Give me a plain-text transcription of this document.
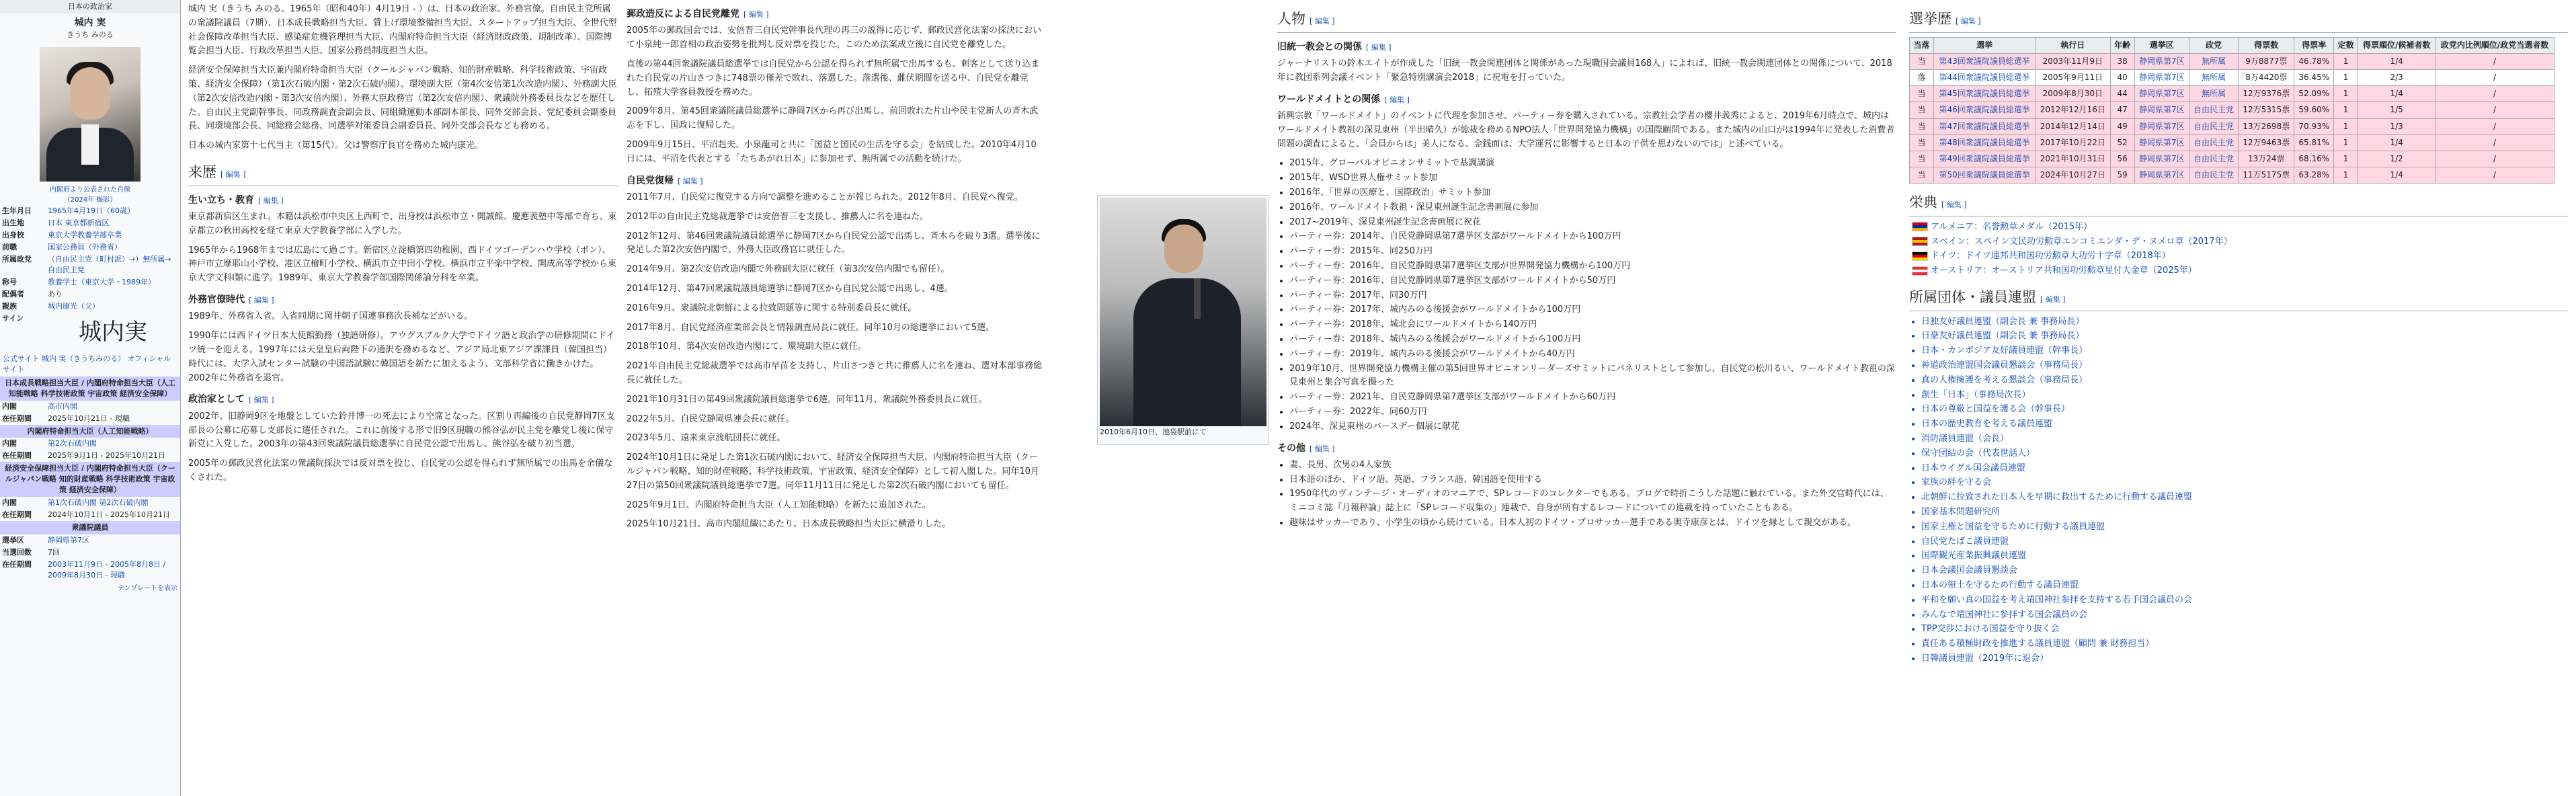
日本の政治家
城内 実
きうち みのる
内閣府より公表された肖像
（2024年 撮影）
生年月日	1965年4月19日（60歳）
出生地	日本 東京都新宿区
出身校	東京大学教養学部卒業
前職	国家公務員（外務省）
所属政党	（自由民主党（町村派）→）無所属→自由民主党
称号	教養学士（東京大学・1989年）
配偶者	あり
親族	城内康光（父）
サイン	城内実
公式サイト 城内 実（きうちみのる） オフィシャルサイト
日本成長戦略担当大臣 / 内閣府特命担当大臣（人工知能戦略 科学技術政策 宇宙政策 経済安全保障）
内閣	高市内閣
在任期間	2025年10月21日 - 現職
内閣府特命担当大臣（人工知能戦略）
内閣	第2次石破内閣
在任期間	2025年9月1日 - 2025年10月21日
経済安全保障担当大臣 / 内閣府特命担当大臣（クールジャパン戦略 知的財産戦略 科学技術政策 宇宙政策 経済安全保障）
内閣	第1次石破内閣 第2次石破内閣
在任期間	2024年10月1日 - 2025年10月21日
衆議院議員
選挙区	静岡県第7区
当選回数	7回
在任期間	2003年11月9日 - 2005年8月8日 / 2009年8月30日 - 現職
テンプレートを表示

城内 実（きうち みのる、1965年（昭和40年）4月19日 - ）は、日本の政治家、外務官僚。自由民主党所属の衆議院議員（7期）、日本成長戦略担当大臣、賃上げ環境整備担当大臣、スタートアップ担当大臣、全世代型社会保障改革担当大臣、感染症危機管理担当大臣、内閣府特命担当大臣（経済財政政策、規制改革）、国際博覧会担当大臣、行政改革担当大臣、国家公務員制度担当大臣。

経済安全保障担当大臣兼内閣府特命担当大臣（クールジャパン戦略、知的財産戦略、科学技術政策、宇宙政策、経済安全保障）（第1次石破内閣・第2次石破内閣）、環境副大臣（第4次安倍第1次改造内閣）、外務副大臣（第2次安倍改造内閣・第3次安倍内閣）、外務大臣政務官（第2次安倍内閣）、衆議院外務委員長などを歴任した。自由民主党副幹事長、同政務調査会副会長、同組織運動本部副本部長、同外交部会長、党紀委員会副委員長、同環境部会長、同総務会総務、同選挙対策委員会副委員長、同外交部会長なども務める。

日本の城内家第十七代当主（第15代）。父は警察庁長官を務めた城内康光。

来歴 [ 編集 ]
生い立ち・教育 [ 編集 ]

東京都新宿区生まれ。本籍は浜松市中央区上西町で、出身校は浜松市立・開誠館、慶應義塾中等部で育ち、東京都立の秋田高校を経て東京大学教養学部に入学した。

1965年から1968年までは広島にて過ごす。新宿区立淀橋第四幼稚園、西ドイツゴーデンハウ学校（ボン）、神戸市立摩耶山小学校、港区立檜町小学校、横浜市立中田小学校、横浜市立平楽中学校、開成高等学校から東京大学文科I類に進学。1989年、東京大学教養学部国際関係論分科を卒業。

外務官僚時代 [ 編集 ]

1989年、外務省入省。入省同期に岡井朝子国連事務次長補などがいる。

1990年には西ドイツ日本大使館勤務（独語研修）。アウグスブルク大学でドイツ語と政治学の研修期間にドイツ統一を迎える。1997年には天皇皇后両陛下の通訳を務めるなど、アジア局北東アジア課課員（韓国担当）時代には、大学入試センター試験の中国語試験に韓国語を新たに加えるよう、文部科学省に働きかけた。2002年に外務省を退官。

政治家として [ 編集 ]

2002年、旧静岡9区を地盤としていた鈴井博一の死去により空席となった。区割り再編後の自民党静岡7区支部長の公募に応募し支部長に選任された。これに前後する形で旧9区現職の熊谷弘が民主党を離党し後に保守新党に入党した。2003年の第43回衆議院議員総選挙に自民党公認で出馬し、熊谷弘を破り初当選。

2005年の郵政民営化法案の衆議院採決では反対票を投じ、自民党の公認を得られず無所属での出馬を余儀なくされた。

郵政造反による自民党離党 [ 編集 ]

2005年の郵政国会では、安倍晋三自民党幹事長代理の再三の説得に応じず、郵政民営化法案の採決において小泉純一郎首相の政治姿勢を批判し反対票を投じた。このため法案成立後に自民党を離党した。

直後の第44回衆議院議員総選挙では自民党から公認を得られず無所属で出馬するも、刺客として送り込まれた自民党の片山さつきに748票の僅差で敗れ、落選した。落選後、雌伏期間を送る中、自民党を離党し、拓殖大学客員教授を務めた。

2009年8月、第45回衆議院議員総選挙に静岡7区から再び出馬し、前回敗れた片山や民主党新人の斉木武志を下し、国政に復帰した。

2009年9月15日、平沼赳夫、小泉龍司と共に「国益と国民の生活を守る会」を結成した。2010年4月10日には、平沼を代表とする「たちあがれ日本」に参加せず、無所属での活動を続けた。

自民党復帰 [ 編集 ]

2011年7月、自民党に復党する方向で調整を進めることが報じられた。2012年8月、自民党へ復党。

2012年の自由民主党総裁選挙では安倍晋三を支援し、推薦人に名を連ねた。

2012年12月、第46回衆議院議員総選挙に静岡7区から自民党公認で出馬し、斉木らを破り3選。選挙後に発足した第2次安倍内閣で、外務大臣政務官に就任した。

2014年9月、第2次安倍改造内閣で外務副大臣に就任（第3次安倍内閣でも留任）。

2014年12月、第47回衆議院議員総選挙に静岡7区から自民党公認で出馬し、4選。

2016年9月、衆議院北朝鮮による拉致問題等に関する特別委員長に就任。

2017年8月、自民党経済産業部会長と情報調査局長に就任。同年10月の総選挙において5選。

2018年10月、第4次安倍改造内閣にて、環境副大臣に就任。

2021年自由民主党総裁選挙では高市早苗を支持し、片山さつきと共に推薦人に名を連ね、選対本部事務総長に就任した。

2021年10月31日の第49回衆議院議員総選挙で6選。同年11月、衆議院外務委員長に就任。

2022年5月、自民党静岡県連会長に就任。

2023年5月、遠来東京渡航団長に就任。

2024年10月1日に発足した第1次石破内閣において、経済安全保障担当大臣、内閣府特命担当大臣（クールジャパン戦略、知的財産戦略、科学技術政策、宇宙政策、経済安全保障）として初入閣した。同年10月27日の第50回衆議院議員総選挙で7選。同年11月11日に発足した第2次石破内閣においても留任。

2025年9月1日、内閣府特命担当大臣（人工知能戦略）を新たに追加された。

2025年10月21日、高市内閣組織にあたり、日本成長戦略担当大臣に横滑りした。

2010年6月10日、池袋駅前にて
人物 [ 編集 ]
旧統一教会との関係 [ 編集 ]

ジャーナリストの鈴木エイトが作成した「旧統一教会関連団体と関係があった現職国会議員168人」によれば、旧統一教会関連団体との関係について、2018年に教団系列会議イベント「緊急特別講演会2018」に祝電を打っていた。

ワールドメイトとの関係 [ 編集 ]

新興宗教「ワールドメイト」のイベントに代理を参加させ、パーティー券を購入されている。宗教社会学者の櫻井義秀によると、2019年6月時点で、城内はワールドメイト教祖の深見東州（半田晴久）が総裁を務めるNPO法人「世界開発協力機構」の国際顧問である。また城内の山口がは1994年に発表した消費者問題の調査によると、「会員からは」美人になる、金銭面は、大学運営に影響すると日本の子供を思わないのでは」と述べている。

• 2015年、グローバルオピニオンサミットで基調講演
• 2015年、WSD世界人権サミット参加
• 2016年、「世界の医療と、国際政治」サミット参加
• 2016年、ワールドメイト教祖・深見東州誕生記念書画展に参加
• 2017~2019年、深見東州誕生記念書画展に祝花
• パーティー券：2014年、自民党静岡県第7選挙区支部がワールドメイトから100万円
• パーティー券：2015年、同250万円
• パーティー券：2016年、自民党静岡県第7選挙区支部が世界開発協力機構から100万円
• パーティー券：2016年、自民党静岡県第7選挙区支部がワールドメイトから50万円
• パーティー券：2017年、同30万円
• パーティー券：2017年、城内みのる後援会がワールドメイトから100万円
• パーティー券：2018年、城北会にワールドメイトから140万円
• パーティー券：2018年、城内みのる後援会がワールドメイトから100万円
• パーティー券：2019年、城内みのる後援会がワールドメイトから40万円
• 2019年10月、世界開発協力機構主催の第5回世界オピニオンリーダーズサミットにパネリストとして参加し、自民党の松川るい、ワールドメイト教祖の深見東州と集合写真を撮った
• パーティー券：2021年、自民党静岡県第7選挙区支部がワールドメイトから60万円
• パーティー券：2022年、同60万円
• 2024年、深見東州のバースデー個展に献花
その他 [ 編集 ]
• 妻、長男、次男の4人家族
• 日本語のほか、ドイツ語、英語、フランス語、韓国語を使用する
• 1950年代のヴィンテージ・オーディオのマニアで、SPレコードのコレクターでもある。ブログで時折こうした話題に触れている。また外交官時代には、ミニコミ誌『月報秤論』誌上に「SPレコード収集の」連載で、自身が所有するレコードについての連載を持っていたこともある。
• 趣味はサッカーであり、小学生の頃から続けている。日本人初のドイツ・ブロサッカー選手である奥寺康彦とは、ドイツを縁として親交がある。
選挙歴 [ 編集 ]
当落	選挙	執行日	年齢	選挙区	政党	得票数	得票率	定数	得票順位/候補者数	政党内比例順位/政党当選者数
当	第43回衆議院議員総選挙	2003年11月9日	38	静岡県第7区	無所属	9万8877票	46.78%	1	1/4	/
落	第44回衆議院議員総選挙	2005年9月11日	40	静岡県第7区	無所属	8万4420票	36.45%	1	2/3	/
当	第45回衆議院議員総選挙	2009年8月30日	44	静岡県第7区	無所属	12万9376票	52.09%	1	1/4	/
当	第46回衆議院議員総選挙	2012年12月16日	47	静岡県第7区	自由民主党	12万5315票	59.60%	1	1/5	/
当	第47回衆議院議員総選挙	2014年12月14日	49	静岡県第7区	自由民主党	13万2698票	70.93%	1	1/3	/
当	第48回衆議院議員総選挙	2017年10月22日	52	静岡県第7区	自由民主党	12万9463票	65.81%	1	1/4	/
当	第49回衆議院議員総選挙	2021年10月31日	56	静岡県第7区	自由民主党	13万24票	68.16%	1	1/2	/
当	第50回衆議院議員総選挙	2024年10月27日	59	静岡県第7区	自由民主党	11万5175票	63.28%	1	1/4	/
栄典 [ 編集 ]
アルメニア：名誉勲章メダル（2015年）
スペイン：スペイン文民功労勲章エンコミエンダ・デ・ヌメロ章（2017年）
ドイツ：ドイツ連邦共和国功労勲章大功労十字章（2018年）
オーストリア：オーストリア共和国功労勲章星付大金章（2025年）
所属団体・議員連盟 [ 編集 ]
• 日独友好議員連盟（副会長 兼 事務局長）
• 日豪友好議員連盟（副会長 兼 事務局長）
• 日本・カンボジア友好議員連盟（幹事長）
• 神道政治連盟国会議員懇談会（事務局長）
• 真の人権擁護を考える懇談会（事務局長）
• 創生「日本」（事務局次長）
• 日本の尊厳と国益を護る会（幹事長）
• 日本の歴史教育を考える議員連盟
• 消防議員連盟（会長）
• 保守団結の会（代表世話人）
• 日本ウイグル国会議員連盟
• 家族の絆を守る会
• 北朝鮮に拉致された日本人を早期に救出するために行動する議員連盟
• 国家基本問題研究所
• 国家主権と国益を守るために行動する議員連盟
• 自民党たばこ議員連盟
• 国際観光産業振興議員連盟
• 日本会議国会議員懇談会
• 日本の領土を守るため行動する議員連盟
• 平和を願い真の国益を考え靖国神社参拝を支持する若手国会議員の会
• みんなで靖国神社に参拝する国会議員の会
• TPP交渉における国益を守り抜く会
• 責任ある積極財政を推進する議員連盟（顧問 兼 財務担当）
• 日韓議員連盟（2019年に退会）
